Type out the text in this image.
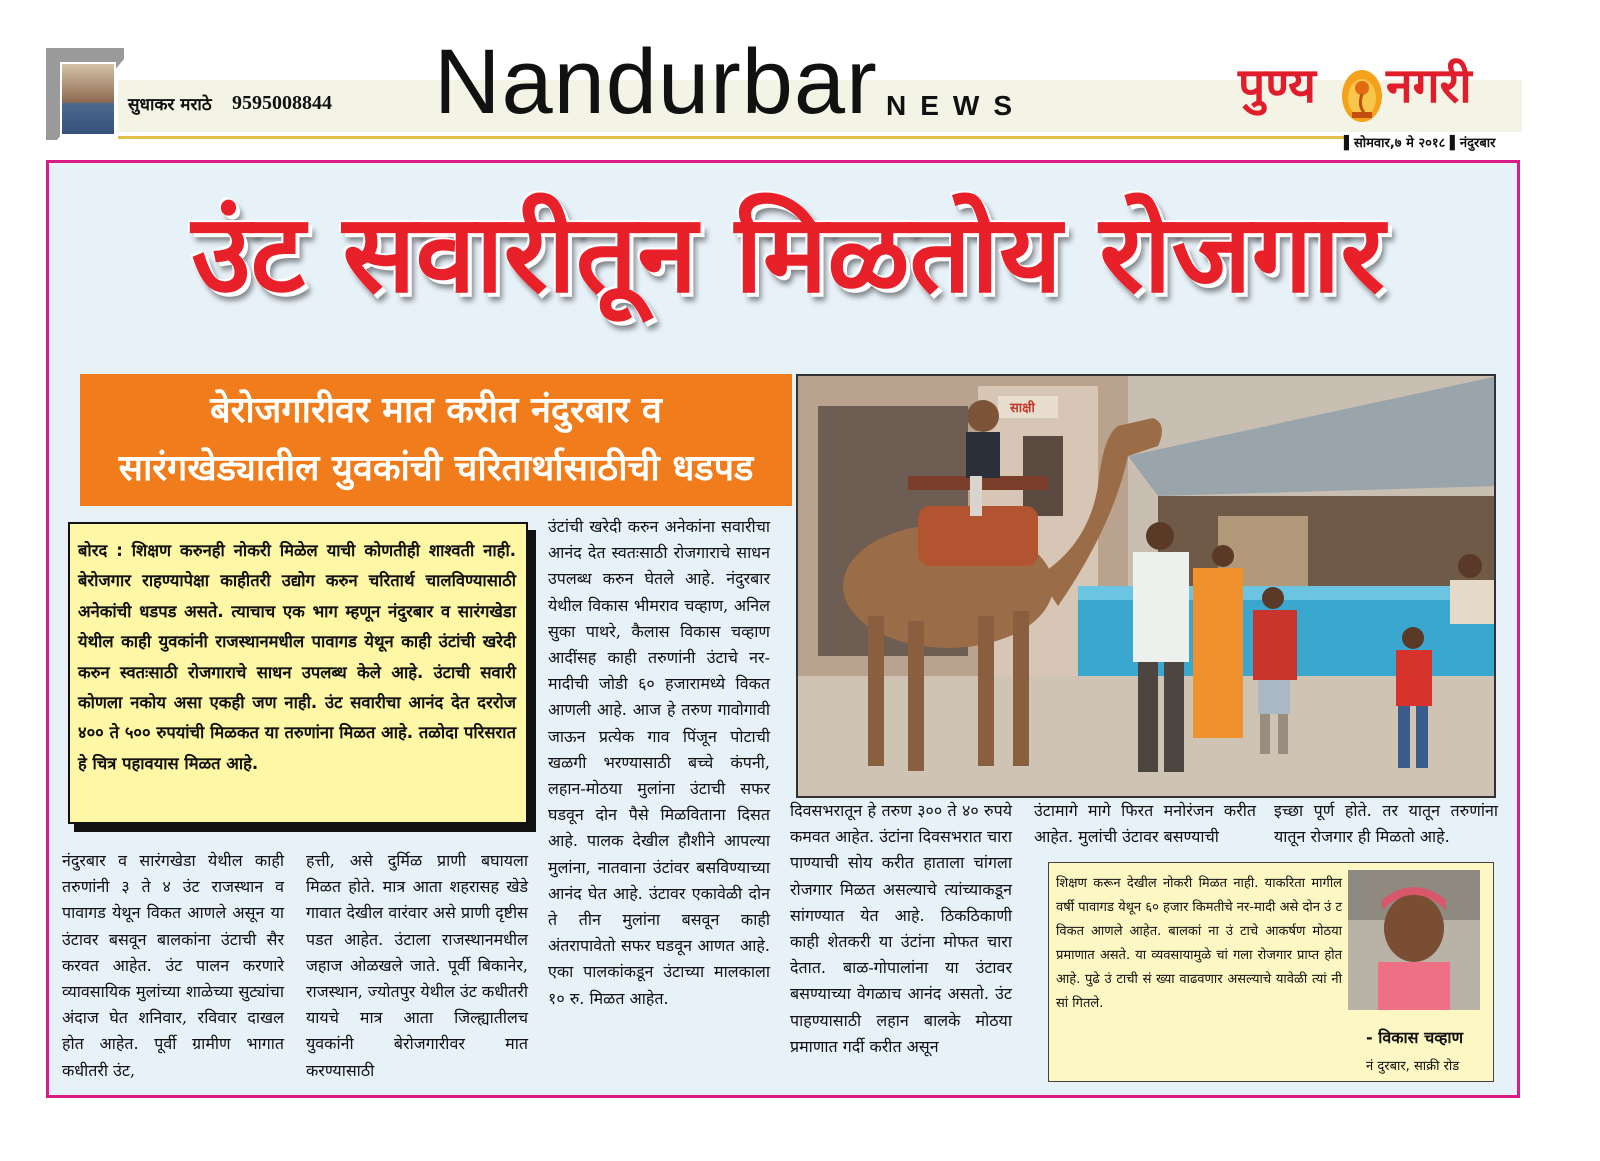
सुधाकर मराठे 9595008844 Nandurbar NEWS	पुण्य नगरी
▌सोमवार,७ मे २०१८ ▌नंदुरबार
उंट सवारीतून मिळतोय रोजगार
बेरोजगारीवर मात करीत नंदुरबार व
सारंगखेड्यातील युवकांची चरितार्थासाठीची धडपड
साक्षी
बोरद : शिक्षण करुनही नोकरी मिळेल याची कोणतीही शाश्वती नाही. बेरोजगार राहण्यापेक्षा काहीतरी उद्योग करुन चरितार्थ चालविण्यासाठी अनेकांची धडपड असते. त्याचाच एक भाग म्हणून नंदुरबार व सारंगखेडा येथील काही युवकांनी राजस्थानमधील पावागड येथून काही उंटांची खरेदी करुन स्वतःसाठी रोजगाराचे साधन उपलब्ध केले आहे. उंटाची सवारी कोणला नकोय असा एकही जण नाही. उंट सवारीचा आनंद देत दररोज ४०० ते ५०० रुपयांची मिळकत या तरुणांना मिळत आहे. तळोदा परिसरात हे चित्र पहावयास मिळत आहे.
नंदुरबार व सारंगखेडा येथील काही तरुणांनी ३ ते ४ उंट राजस्थान व पावागड येथून विकत आणले असून या उंटावर बसवून बालकांना उंटाची सैर करवत आहेत. उंट पालन करणारे व्यावसायिक मुलांच्या शाळेच्या सुट्यांचा अंदाज घेत शनिवार, रविवार दाखल होत आहेत. पूर्वी ग्रामीण भागात कधीतरी उंट,
हत्ती, असे दुर्मिळ प्राणी बघायला मिळत होते. मात्र आता शहरासह खेडे गावात देखील वारंवार असे प्राणी दृष्टीस पडत आहेत. उंटाला राजस्थानमधील जहाज ओळखले जाते. पूर्वी बिकानेर, राजस्थान, ज्योतपुर येथील उंट कधीतरी यायचे मात्र आता जिल्ह्यातीलच युवकांनी बेरोजगारीवर मात करण्यासाठी
उंटांची खरेदी करुन अनेकांना सवारीचा आनंद देत स्वतःसाठी रोजगाराचे साधन उपलब्ध करुन घेतले आहे. नंदुरबार येथील विकास भीमराव चव्हाण, अनिल सुका पाथरे, कैलास विकास चव्हाण आदींसह काही तरुणांनी उंटाचे नर-मादीची जोडी ६० हजारामध्ये विकत आणली आहे. आज हे तरुण गावोगावी जाऊन प्रत्येक गाव पिंजून पोटाची खळगी भरण्यासाठी बच्चे कंपनी, लहान-मोठया मुलांना उंटाची सफर घडवून दोन पैसे मिळविताना दिसत आहे. पालक देखील हौशीने आपल्या मुलांना, नातवाना उंटांवर बसविण्याच्या आनंद घेत आहे. उंटावर एकावेळी दोन ते तीन मुलांना बसवून काही अंतरापावेतो सफर घडवून आणत आहे. एका पालकांकडून उंटाच्या मालकाला १० रु. मिळत आहेत.
दिवसभरातून हे तरुण ३०० ते ४० रुपये कमवत आहेत. उंटांना दिवसभरात चारा पाण्याची सोय करीत हाताला चांगला रोजगार मिळत असल्याचे त्यांच्याकडून सांगण्यात येत आहे. ठिकठिकाणी काही शेतकरी या उंटांना मोफत चारा देतात. बाळ-गोपालांना या उंटावर बसण्याच्या वेगळाच आनंद असतो. उंट पाहण्यासाठी लहान बालके मोठया प्रमाणात गर्दी करीत असून
उंटामागे मागे फिरत मनोरंजन करीत आहेत. मुलांची उंटावर बसण्याची
इच्छा पूर्ण होते. तर यातून तरुणांना यातून रोजगार ही मिळतो आहे.
शिक्षण करून देखील नोकरी मिळत नाही. याकरिता मागील वर्षी पावागड येथून ६० हजार किमतीचे नर-मादी असे दोन उं ट विकत आणले आहेत. बालकां ना उं टाचे आकर्षण मोठया प्रमाणात असते. या व्यवसायामुळे चां गला रोजगार प्राप्त होत आहे. पुढे उं टाची सं ख्या वाढवणार असल्याचे यावेळी त्यां नी सां गितले.
- विकास चव्हाण
नं दुरबार, साक्री रोड
